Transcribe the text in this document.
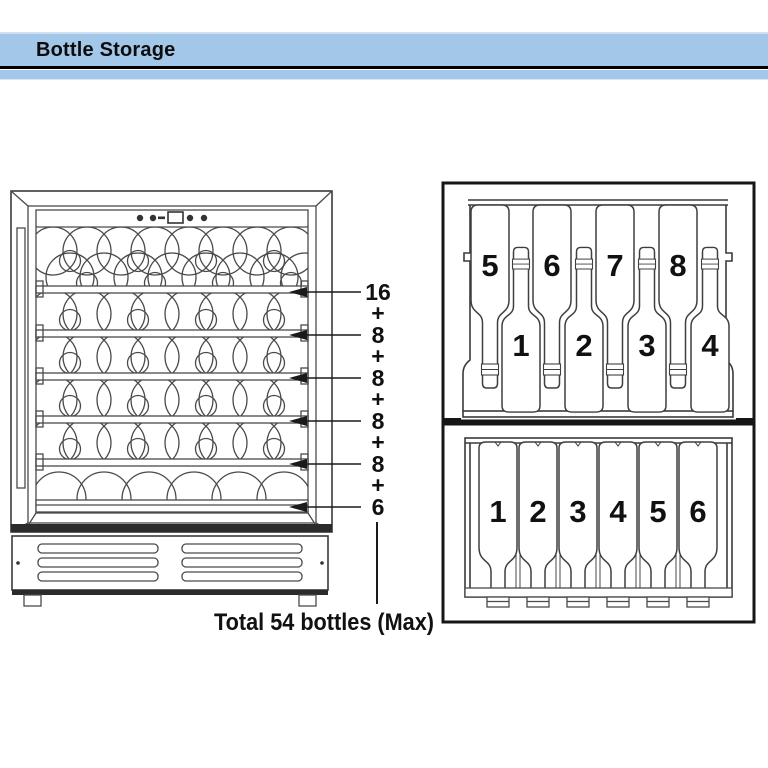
Bottle Storage
16
+
8
+
8
+
8
+
8
+
6
Total 54 bottles (Max)
5 6 7 8
1 2 3 4
1 2 3 4 5 6
